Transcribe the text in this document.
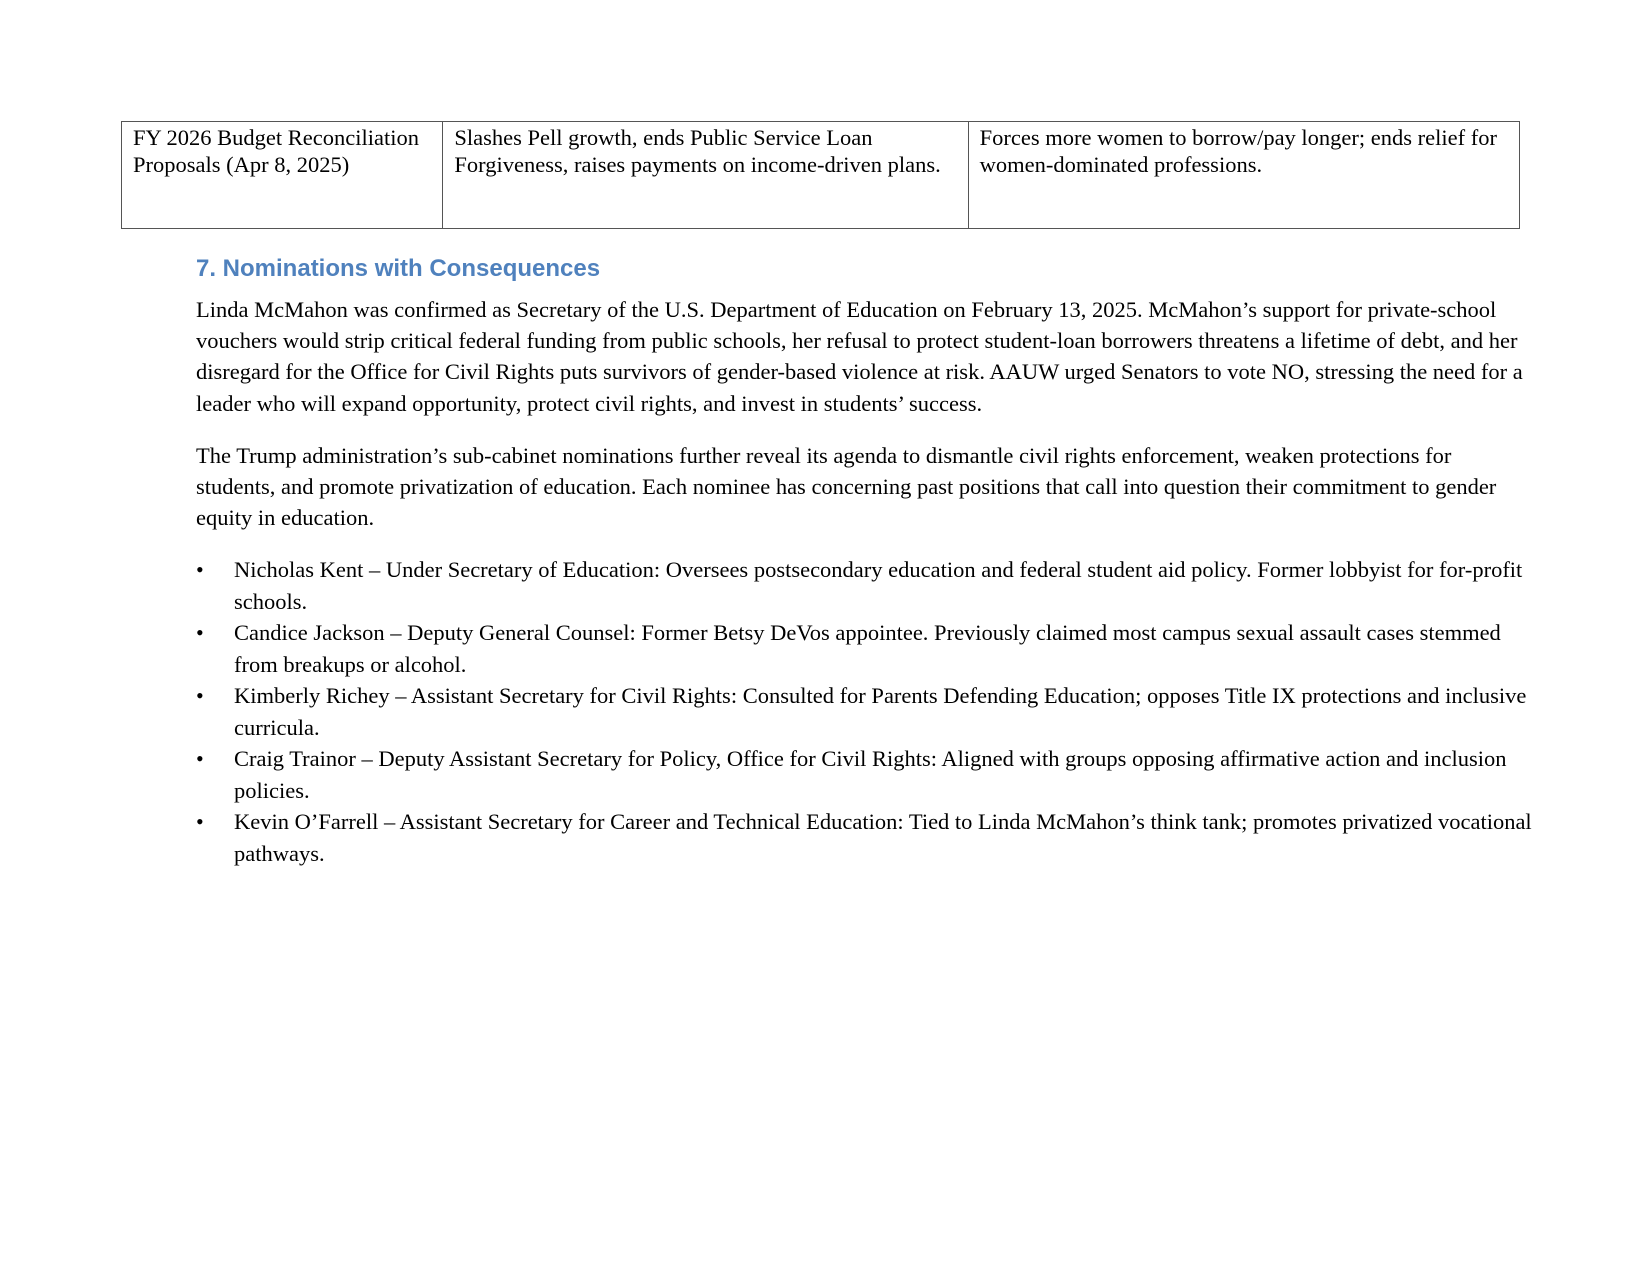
FY 2026 Budget Reconciliation Proposals (Apr 8, 2025)	Slashes Pell growth, ends Public Service Loan Forgiveness, raises payments on income-driven plans.	Forces more women to borrow/pay longer; ends relief for women-dominated professions.
7. Nominations with Consequences

Linda McMahon was confirmed as Secretary of the U.S. Department of Education on February 13, 2025. McMahon’s support for private-school vouchers would strip critical federal funding from public schools, her refusal to protect student-loan borrowers threatens a lifetime of debt, and her disregard for the Office for Civil Rights puts survivors of gender-based violence at risk. AAUW urged Senators to vote NO, stressing the need for a leader who will expand opportunity, protect civil rights, and invest in students’ success.

The Trump administration’s sub-cabinet nominations further reveal its agenda to dismantle civil rights enforcement, weaken protections for students, and promote privatization of education. Each nominee has concerning past positions that call into question their commitment to gender equity in education.

• Nicholas Kent – Under Secretary of Education: Oversees postsecondary education and federal student aid policy. Former lobbyist for for-profit schools.
• Candice Jackson – Deputy General Counsel: Former Betsy DeVos appointee. Previously claimed most campus sexual assault cases stemmed from breakups or alcohol.
• Kimberly Richey – Assistant Secretary for Civil Rights: Consulted for Parents Defending Education; opposes Title IX protections and inclusive curricula.
• Craig Trainor – Deputy Assistant Secretary for Policy, Office for Civil Rights: Aligned with groups opposing affirmative action and inclusion policies.
• Kevin O’Farrell – Assistant Secretary for Career and Technical Education: Tied to Linda McMahon’s think tank; promotes privatized vocational pathways.
